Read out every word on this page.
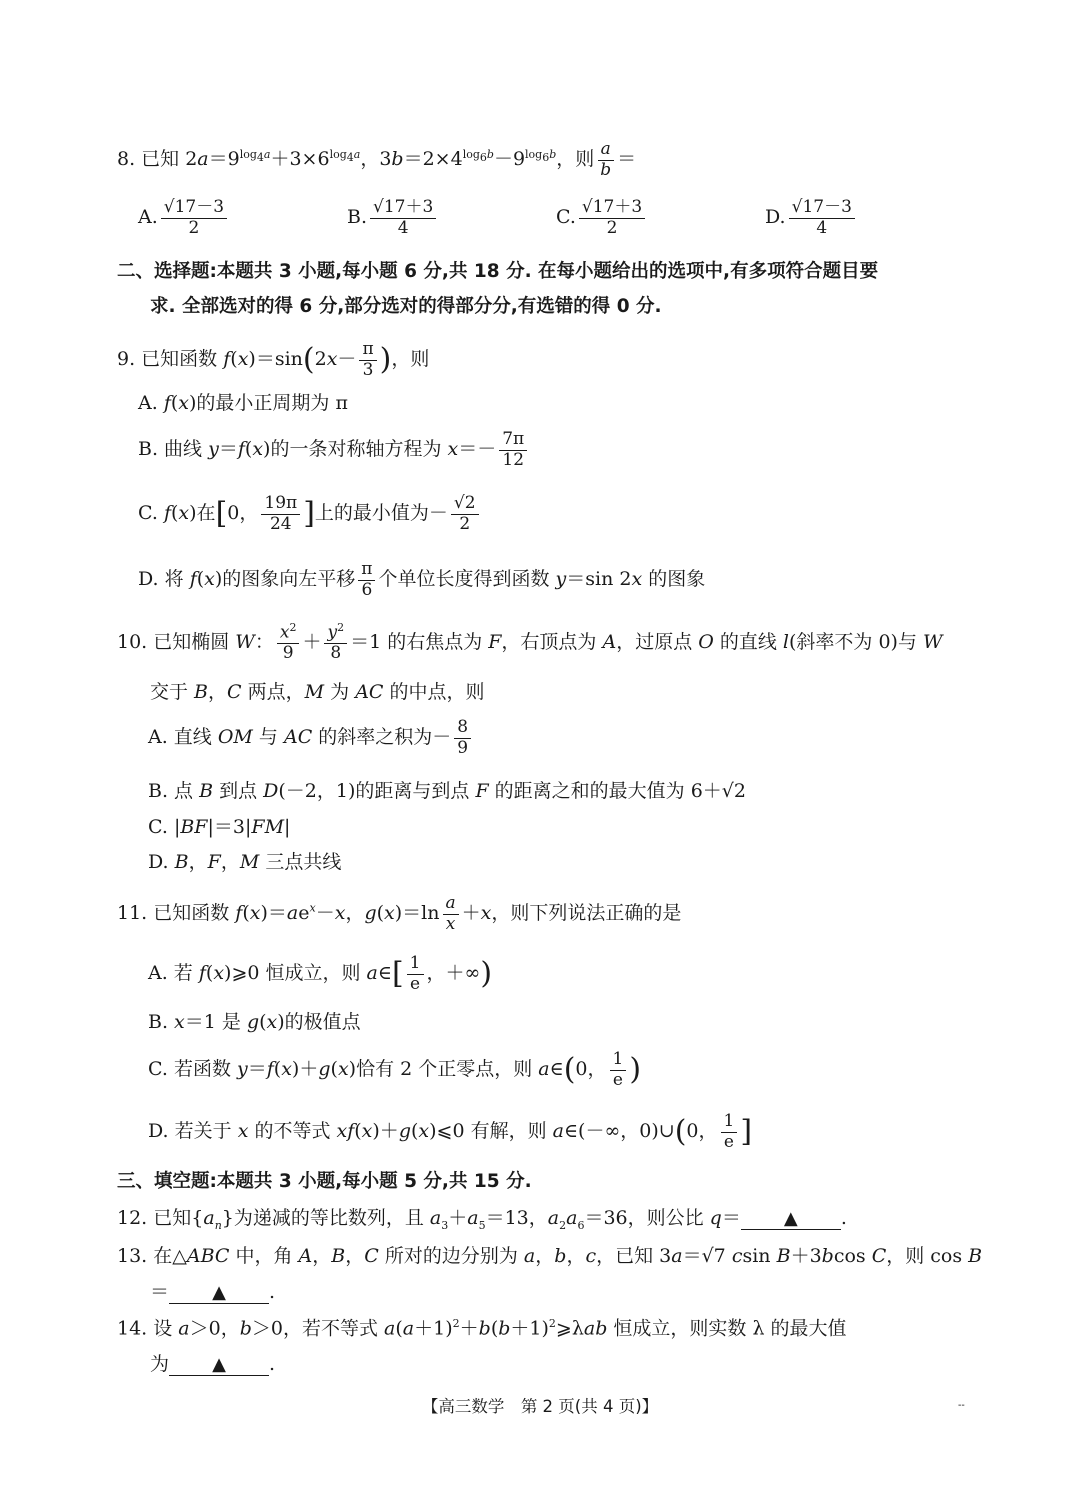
8. 已知 $2a=9^{log_4a}+3\times 6^{log_4a}$，$3b=2\times 4^{log_6b}-9^{log_6b}$，则 $\frac{a}{b}$ ＝
A. $\frac{√17-3}{2}$	B. $\frac{√17+3}{4}$	C. $\frac{√17+3}{2}$	D. $\frac{√17-3}{4}$
二、选择题:本题共 3 小题,每小题 6 分,共 18 分. 在每小题给出的选项中,有多项符合题目要
求. 全部选对的得 6 分,部分选对的得部分分,有选错的得 0 分.
9. 已知函数 $f(x)=\sin(2x- \frac{\pi}{3}$ )，则
A. f(x)的最小正周期为 π
B. 曲线 y＝f(x)的一条对称轴方程为 $x=- \frac{7\pi}{12}$
C. f(x)在[0， $\frac{19\pi}{24}$ ]上的最小值为－ $\frac{√2}{2}$
D. 将 f(x)的图象向左平移 $\frac{\pi}{6}$ 个单位长度得到函数 y＝sin 2x 的图象
10. 已知椭圆 W： $\frac{x^2}{9} + \frac{y^2}{8} =1$ 的右焦点为 F，右顶点为 A，过原点 O 的直线 l(斜率不为 0)与 W
交于 B，C 两点，M 为 AC 的中点，则
A. 直线 OM 与 AC 的斜率之积为－ $\frac{8}{9}$
B. 点 B 到点 D(－2，1)的距离与到点 F 的距离之和的最大值为 6＋√2
C. |BF|＝3|FM|
D. B，F，M 三点共线
11. 已知函数 $f(x)=ae^x-x$，$g(x)=\ln \frac{a}{x} +x$，则下列说法正确的是
A. 若 f(x)⩾0 恒成立，则 a∈[ $\frac{1}{e}$ ，＋∞)
B. x＝1 是 g(x)的极值点
C. 若函数 y＝f(x)＋g(x)恰有 2 个正零点，则 a∈(0， $\frac{1}{e}$ )
D. 若关于 x 的不等式 xf(x)＋g(x)⩽0 有解，则 a∈(－∞，0)∪(0， $\frac{1}{e}$ ]
三、填空题:本题共 3 小题,每小题 5 分,共 15 分.
12. 已知$\{a_n\}$为递减的等比数列，且 $a_3+a_5=13$，$a_2a_6=36$，则公比 q＝ ▲ .
13. 在△ABC 中，角 A，B，C 所对的边分别为 a，b，c，已知 3a＝√7 csin B＋3bcos C，则 cos B
＝ ▲ .
14. 设 a＞0，b＞0，若不等式 $a(a+1)^2+b(b+1)^2⩾\lambda ab$ 恒成立，则实数 λ 的最大值
为 ▲ .
【高三数学　第 2 页(共 4 页)】	--
